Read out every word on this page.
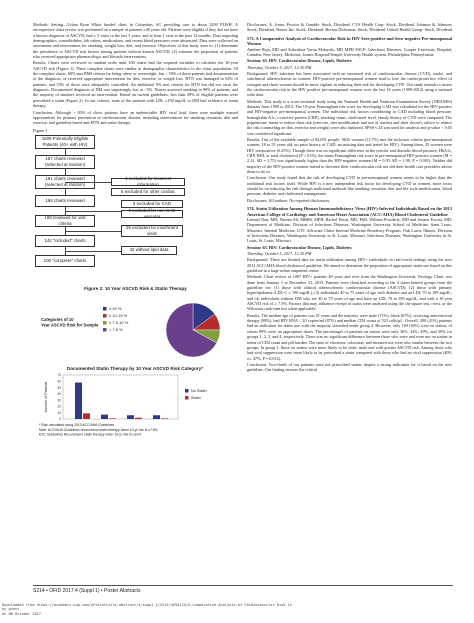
Methods. Setting—Urban Ryan White funded clinic in Columbus, SC providing care to about 2200 PLWH. A retrospective chart review was performed on a sample of patients ≥40 years old. Patients were eligible if they did not have a known diagnosis of ASCVD, had ≥ 5 visits in the last 3 years, and at least 1 visit in the past 12 months. Data regarding demographics, comorbidities, lab values, medications, and recent blood pressures were abstracted. Data were collected on assessment and intervention for smoking, weight loss, diet, and exercise. Objectives of this study were to: (1) determine the prevalence of ASCVD risk factors among patients without known ASCVD; (2) estimate the proportion of patients who received appropriate pharmacologic and lifestyle interventions.

Results. Charts were reviewed in random order until 100 charts had the required variables to calculate the 10-year ASCVD risk (Figure 1). These complete charts were similar in demographic characteristics to the clinic population. Of the complete charts, 60% met BMI criteria for being obese or overweight, but < 50% of these patients had documentation of the diagnosis, or received appropriate intervention for diet, exercise, or weight loss. HTN was managed in 62% of patients, and 53% of those were adequately controlled. An additional 9% met criteria for HTN but did not carry the diagnosis. Documented diagnosis of DM was surprisingly low at <5%. Nurses assessed smoking in 90% of patients, and the majority of smokers received an intervention. Based on current guidelines, less than 29% of eligible patients were prescribed a statin (Figure 2). In our cohorts, none of the patients with LDL ≥190 mg/dL or DM had evidence of statin therapy.

Conclusion. Although > 83% of clinic patients have an undetectable HIV viral load, there were multiple missed opportunities for primary prevention of cardiovascular disease, including interventions for smoking cessation, diet and exercise, and guideline based anti-HTN and statin therapy.

Figure 1.
1509 Potentially Eligible Patients (40+ with HIV)
187 charts reviewed (selected at random)
181 charts reviewed (selected at random)
168 charts reviewed
169 reviewed for visit criteria
142 "included" charts
100 "complete" charts
1 excluded for incorrect information
5 excluded for other cardiac
5 excluded for CAD
9 excluded for non-CAD vascular
26 excluded for insufficient visits
42 without lipid data
Figure 2: 10 Year ASCVD Risk & Statin Therapy
Categories of 10 Year ASCVD Risk for Sample
≥ 15 %
≥ 10-15 %
≥ 7.5-10 %
< 7.5 %
Documented Statin Therapy by 10 Year ASCVD Risk Category*
Number of Patients
0
10
20
30
40
50
60
70
No Statin
Statin
* Risk calculated using 2013 ACC/AHA Guidelines
Note: ACC/AHA Guidelines recommend statin therapy when 10-yr risk is ≥7.5%
ESC Guidelines Recommend statin therapy when 10-yr risk is ≥10%

Disclosures. A. Jones, Proctor & Gamble: Stock, Dividend. CVS Health Corp: Stock, Dividend. Johnson & Johnson: Stock, Dividend. Baxter Inc: Stock, Dividend. Becton Dickinson: Stock, Dividend. United Health Group: Stock, Dividend

573. A Comparative Analysis of Cardiovascular Risk in HIV Sero-positive and Sero-negative Pre-menopausal Women

Amiben Raja, MD and Srikrishna Varun Malayala, MD MPH FACP; Infectious Diseases, Cooper University Hospital, Camden, New Jersey; Medicine, Jeanes Hospital/Temple University Health system, Philadelphia, Pennsylvania

Session: 65. HIV: Cardiovascular Disease, Lipids, Diabetes

Thursday, October 5, 2017: 12:30 PM

Background. HIV infection has been associated with an increased risk of cardiovascular disease (CVD), stroke, and subclinical atherosclerosis in women. HIV-positive pre-menopausal women tend to lose the cardio-protective effect of estrogen and those women should be more vigilant in reducing their risk for developing CVD. Our study intends to assess the cardiovascular risk in the HIV positive pre-menopausal women over the last 16 years (1999-2014) using a national wide data.

Methods. This study is a cross-sectional study using the National Health and Nutrition Examination Survey (NHANES) datasets from 1999 to 2014. The 10-year Framingham risk score for developing CAD was calculated for the HIV-positive and HIV-negative pre-menopausal women. The individual risk factors contributing to CAD including blood pressure, hemoglobin A1c, c-reactive protein (CRP), smoking status, cholesterol level, family history of CVD were compared. The populations' intent to reduce their risk (exercise, diet modification and use of statins) and their doctor's advice to reduce the risk (counseling on diet, exercise and weight) were also analyzed. SPSS v 24 was used for analysis and p-value < 0.05 was considered significant.

Results. Out of the available sample of 82,091 people, 9635 women (11.7%) met the inclusion criteria (pre-menopausal women, 18 to 55 years old, no prior history of CAD, no missing data and tested for HIV). Among them, 25 women were HIV seropositive (0.25%). Though there was no significant difference in the systolic and diastolic blood pressure, HbA1c, CRP, HDL or total cholesterol (P > 0.05), the mean Framingham risk score in pre-menopausal HIV-positive women (M = 2.12, SD = 2.75) was significantly higher than the HIV-negative women (M = 0.95, SD = 1.99, P = 0.001). Neither did majority of the HIV-positive women intend to decrease their cardiovascular risk nor did their health care providers advise them to do so.

Conclusion. Our study found that the risk of developing CVD in pre-menopausal women seems to be higher than the traditional risk factors itself. While HIV is a new independent risk factor for developing CVD in women, more focus should be on reducing the risk through traditional methods like smoking cessation, diet and life style modification, blood pressure, diabetes and cholesterol management.

Disclosures. All authors: No reported disclosures.

574. Statin Utilization Among Human Immunodeficiency Virus (HIV)-Infected Individuals Based on the 2013 American College of Cardiology and American Heart Association (ACC/AHA) Blood Cholesterol Guideline

Lemuel Non, MD; Nareen Ali, MBBS, MPH; Rachel Presti, MD, PhD; William Powderly, MD and Jerome Escota, MD; Department of Medicine, Division of Infectious Diseases, Washington University School of Medicine, Saint Louis, Missouri, Internal Medicine, UTC Advocate Christ Internal Medicine Residency Program, Oak Lawn, Illinois, Division of Infectious Diseases, Washington University in St. Louis, Missouri, Infectious Diseases, Washington University in St. Louis, St. Louis, Missouri

Session: 65. HIV: Cardiovascular Disease, Lipids, Diabetes

Thursday, October 5, 2017: 12:30 PM

Background. There are limited data on statin utilization among HIV+ individuals in real-world settings using the new 2013 ACC/AHA blood cholesterol guideline. We aimed to determine the proportion of appropriate statin use based on this guideline in a large urban outpatient center.

Methods. Chart review of 1087 HIV+ patients 40 years and over from the Washington University Virology Clinic was done from January 1 to December 31, 2015. Patients were classified according to the 4 statin benefit groups from the guideline for: (1) those with clinical atherosclerotic cardiovascular disease (ASCVD); (2) those with primary hyperlipidemia (LDL-C ≥ 190 mg/dL); (3) individuals 40 to 75 years of age with diabetes and an LDL 70 to 189 mg/dL; and (4) individuals without DM who are 40 to 75 years of age and have an LDL 70 to 189 mg/dL, and with a 10-year ASCVD risk of ≥ 7.5%. Factors that may influence receipt of statin were analyzed using the chi-square test, t-test, or the Wilcoxon rank-sum test when applicable.

Results. The median age of patients was 51 years and the majority were male (71%), black (67%), receiving antiretroviral therapy (98%), had HIV RNA < 20 copies/ml (87%) and median CD4 count of 523 cells/µL. Overall, 490 (41%) patients had an indication for statin use, with the majority classified under group 4. However, only 160 (36%) were on statins, of whom 89% were on appropriate doses. The percentages of patients on statins were only 36%, 44%, 49%, and 30% for groups 1, 2, 3, and 4, respectively. There was no significant difference between those who were and were not on statins in terms of CD4 count and pill burden. The rates of efavirenz, cobicistat, and ritonavir use were also similar between the two groups. In group 1, those on statins were more likely to be older, male and with greater ASCVD risk. Among those who had viral suppression were more likely to be prescribed a statin compared with those who had no viral suppression (40% vs. 47%, P = 0.012).

Conclusion. Two-thirds of our patients were not prescribed statins despite a strong indication for it based on the new guideline. Our finding stresses the critical

S214 • OFID 2017:4 (Suppl 1) • Poster Abstracts
Downloaded from https://academic.oup.com/ofid/article-abstract/4/suppl_1/S214/4294125/A-Comparative-Analysis-of-Cardiovascular-Risk-in
by guest
on 08 October 2017
